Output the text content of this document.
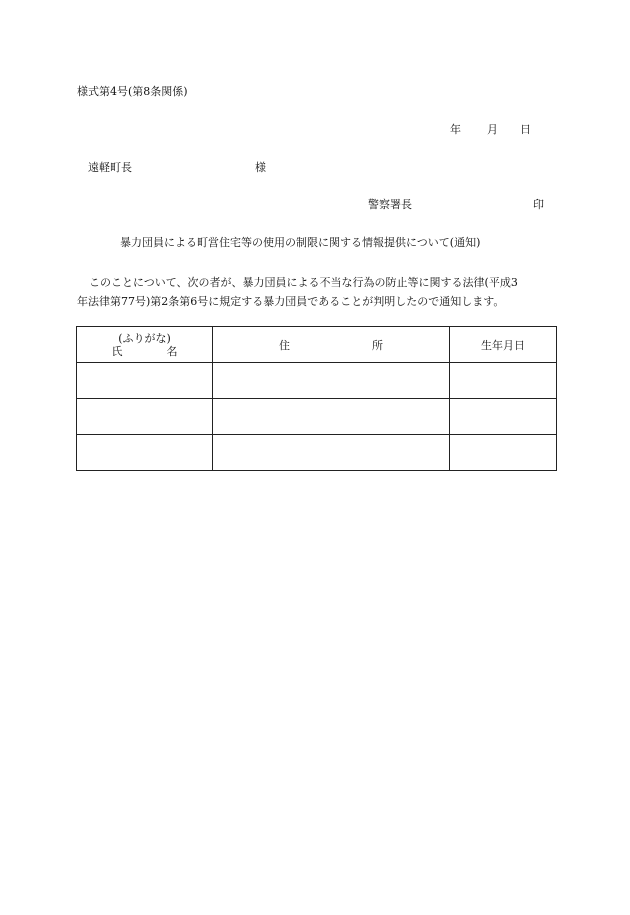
様式第4号(第8条関係)
年 月 日
遠軽町長	様
警察署長	印
暴力団員による町営住宅等の使用の制限に関する情報提供について(通知)
このことについて、次の者が、暴力団員による不当な行為の防止等に関する法律(平成3
年法律第77号)第2条第6号に規定する暴力団員であることが判明したので通知します。
(ふりがな)
氏 名	住 所	生年月日
